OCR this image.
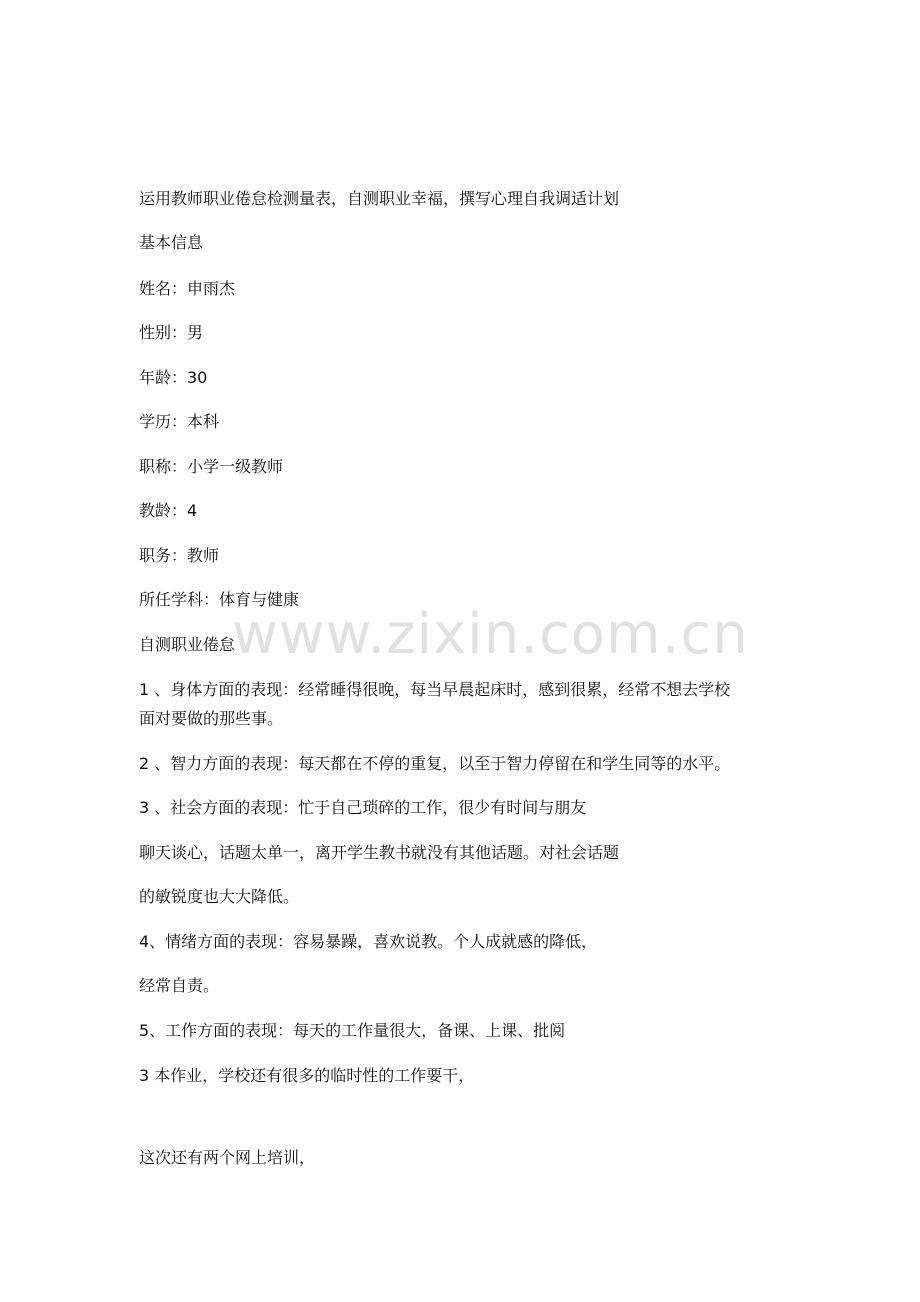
运用教师职业倦怠检测量表，自测职业幸福，撰写心理自我调适计划

基本信息

姓名：申雨杰

性别：男

年龄：30

学历：本科

职称：小学一级教师

教龄：4

职务：教师

所任学科：体育与健康

自测职业倦怠

1 、身体方面的表现：经常睡得很晚，每当早晨起床时，感到很累，经常不想去学校

面对要做的那些事。

2 、智力方面的表现：每天都在不停的重复，以至于智力停留在和学生同等的水平。

3 、社会方面的表现：忙于自己琐碎的工作，很少有时间与朋友

聊天谈心，话题太单一，离开学生教书就没有其他话题。对社会话题

的敏锐度也大大降低。

4、情绪方面的表现：容易暴躁，喜欢说教。个人成就感的降低，

经常自责。

5、工作方面的表现：每天的工作量很大，备课、上课、批阅

3 本作业，学校还有很多的临时性的工作要干，

这次还有两个网上培训，

www.zixin.com.cn
